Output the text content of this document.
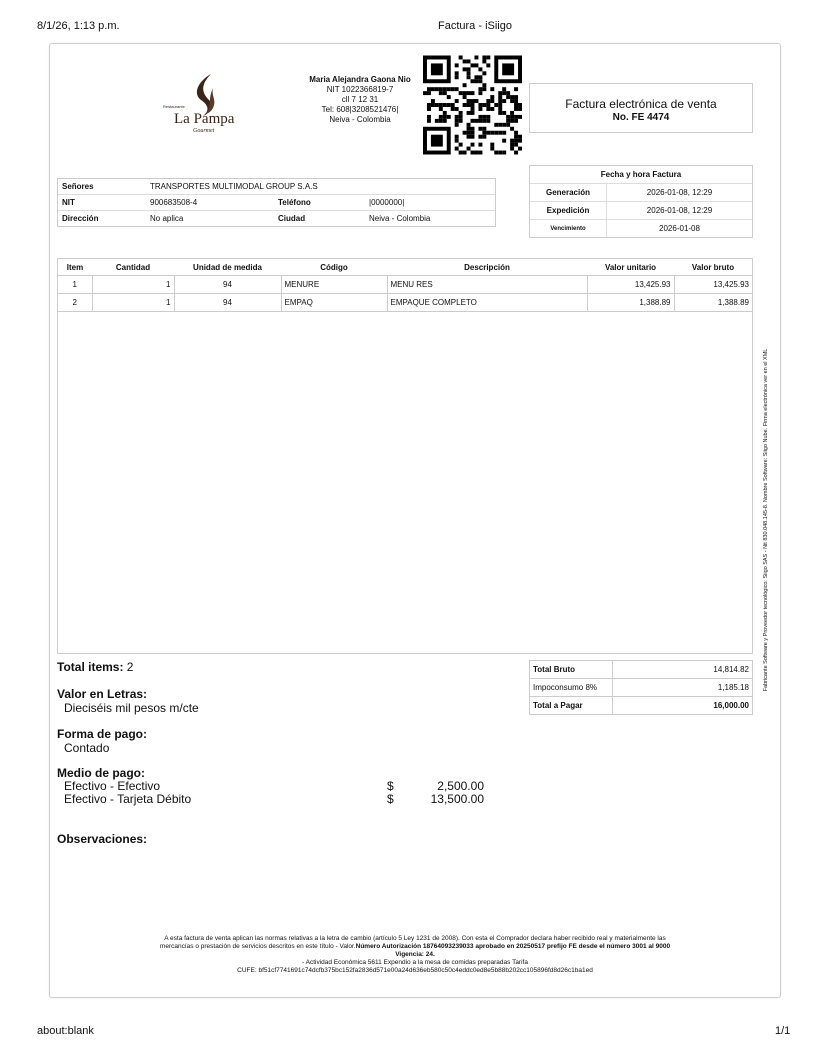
8/1/26, 1:13 p.m.	Factura - iSiigo
Restaurante
La Pampa
Gourmet
Maria Alejandra Gaona Nio
NIT 1022366819-7
cll 7 12 31
Tel: 608|3208521476|
Neiva - Colombia
Factura electrónica de venta
No. FE 4474
Señores	TRANSPORTES MULTIMODAL GROUP S.A.S		
NIT	900683508-4	Teléfono	|0000000|
Dirección	No aplica	Ciudad	Neiva - Colombia
Fecha y hora Factura	
Generación	2026-01-08, 12:29
Expedición	2026-01-08, 12:29
Vencimiento	2026-01-08
Item	Cantidad	Unidad de medida	Código	Descripción	Valor unitario	Valor bruto
1	1	94	MENURE	MENU RES	13,425.93	13,425.93
2	1	94	EMPAQ	EMPAQUE COMPLETO	1,388.89	1,388.89
Fabricante Software y Proveedor tecnológico: Siigo SAS - Nit 830.048.145-8. Nombre Software: Siigo Nube. Firma electrónica ver en el XML
Total items: 2	Total Bruto	14,814.82
Impoconsumo 8%	1,185.18
Total a Pagar	16,000.00
Valor en Letras:
Dieciséis mil pesos m/cte
Forma de pago:
Contado
Medio de pago:
Efectivo - Efectivo	$	2,500.00
Efectivo - Tarjeta Débito	$	13,500.00
Observaciones:
A esta factura de venta aplican las normas relativas a la letra de cambio (artículo 5 Ley 1231 de 2008). Con esta el Comprador declara haber recibido real y materialmente las
mercancías o prestación de servicios descritos en este título - Valor.Número Autorización 18764093239033 aprobado en 20250517 prefijo FE desde el número 3001 al 9000
Vigencia: 24.
- Actividad Económica 5611 Expendio a la mesa de comidas preparadas Tarifa
CUFE: bf51cf7741691c74dcfb375bc152fa2836d571e00a24d636eb580c50c4eddc0ed8e5b88b202cc105896fd8d26c1ba1ed
about:blank	1/1
